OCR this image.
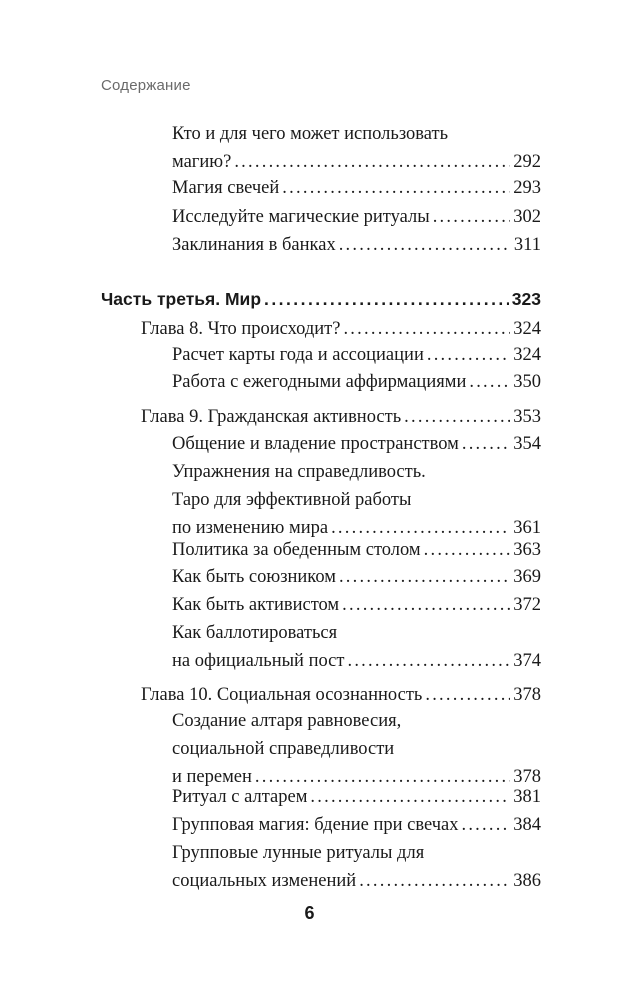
Содержание
Кто и для чего может использовать
магию? . . .	292
Магия свечей . . .	293
Исследуйте магические ритуалы . . .	302
Заклинания в банках . . .	311
Часть третья. Мир . . .	323
Глава 8. Что происходит? . . .	324
Расчет карты года и ассоциации . . .	324
Работа с ежегодными аффирмациями . . .	350
Глава 9. Гражданская активность . . .	353
Общение и владение пространством . . .	354
Упражнения на справедливость.
Таро для эффективной работы
по изменению мира . . .	361
Политика за обеденным столом . . .	363
Как быть союзником . . .	369
Как быть активистом . . .	372
Как баллотироваться
на официальный пост . . .	374
Глава 10. Социальная осознанность . . .	378
Создание алтаря равновесия,
социальной справедливости
и перемен . . .	378
Ритуал с алтарем . . .	381
Групповая магия: бдение при свечах . . .	384
Групповые лунные ритуалы для
социальных изменений . . .	386
6
